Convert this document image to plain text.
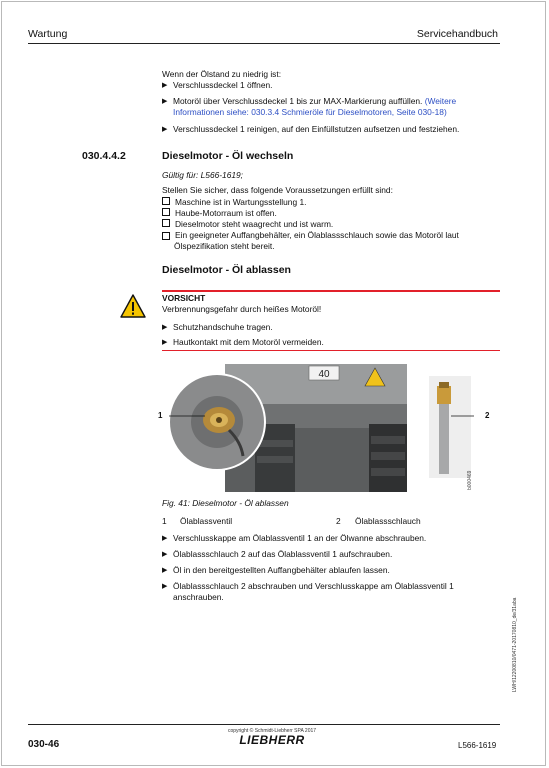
Wartung	Servicehandbuch
Wenn der Ölstand zu niedrig ist:
▶ Verschlussdeckel 1 öffnen.
▶ Motoröl über Verschlussdeckel 1 bis zur MAX-Markierung auffüllen. (Weitere Informationen siehe: 030.3.4 Schmieröle für Dieselmotoren, Seite 030-18)
▶ Verschlussdeckel 1 reinigen, auf den Einfüllstutzen aufsetzen und festziehen.
030.4.4.2	Dieselmotor - Öl wechseln
Gültig für: L566-1619;
Stellen Sie sicher, dass folgende Voraussetzungen erfüllt sind:
Maschine ist in Wartungsstellung 1.
Haube-Motorraum ist offen.
Dieselmotor steht waagrecht und ist warm.
Ein geeigneter Auffangbehälter, ein Ölablassschlauch sowie das Motoröl laut Ölspezifikation steht bereit.
Dieselmotor - Öl ablassen
VORSICHT
Verbrennungsgefahr durch heißes Motoröl!
▶ Schutzhandschuhe tragen.
▶ Hautkontakt mit dem Motoröl vermeiden.
40
1	2
b000469
Fig. 41: Dieselmotor - Öl ablassen
1 Ölablassventil	2 Ölablassschlauch
▶ Verschlusskappe am Ölablassventil 1 an der Ölwanne abschrauben.
▶ Ölablassschlauch 2 auf das Ölablassventil 1 aufschrauben.
▶ Öl in den bereitgestellten Auffangbehälter ablaufen lassen.
▶ Ölablassschlauch 2 abschrauben und Verschlusskappe am Ölablassventil 1 anschrauben.
LWH/12200810/0471-20170810_de/31aba
030-46
copyright © Schmidt-Liebherr SPA 2017
LIEBHERR	L566-1619
